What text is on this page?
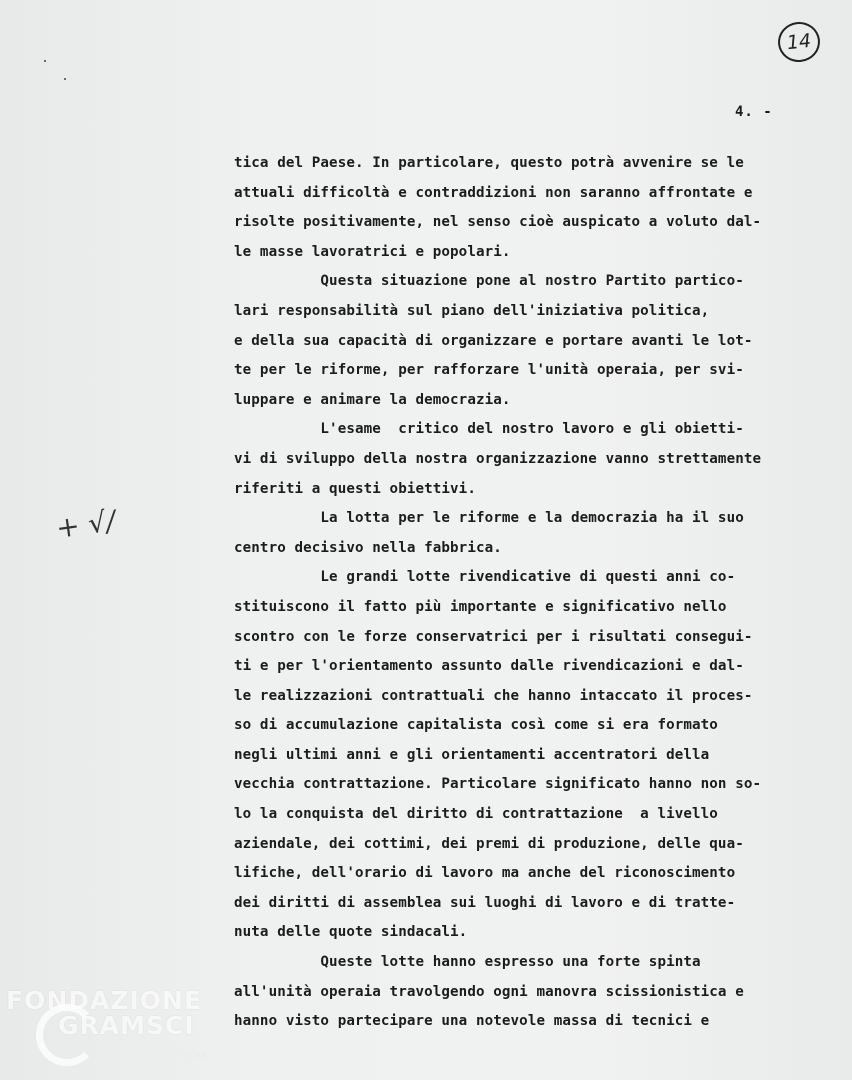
14
4. -
tica del Paese. In particolare, questo potrà avvenire se le
attuali difficoltà e contraddizioni non saranno affrontate e
risolte positivamente, nel senso cioè auspicato a voluto dal-
le masse lavoratrici e popolari.
Questa situazione pone al nostro Partito partico-
lari responsabilità sul piano dell'iniziativa politica,
e della sua capacità di organizzare e portare avanti le lot-
te per le riforme, per rafforzare l'unità operaia, per svi-
luppare e animare la democrazia.
L'esame  critico del nostro lavoro e gli obietti-
vi di sviluppo della nostra organizzazione vanno strettamente
riferiti a questi obiettivi.
La lotta per le riforme e la democrazia ha il suo
centro decisivo nella fabbrica.
Le grandi lotte rivendicative di questi anni co-
stituiscono il fatto più importante e significativo nello
scontro con le forze conservatrici per i risultati consegui-
ti e per l'orientamento assunto dalle rivendicazioni e dal-
le realizzazioni contrattuali che hanno intaccato il proces-
so di accumulazione capitalista così come si era formato
negli ultimi anni e gli orientamenti accentratori della
vecchia contrattazione. Particolare significato hanno non so-
lo la conquista del diritto di contrattazione  a livello
aziendale, dei cottimi, dei premi di produzione, delle qua-
lifiche, dell'orario di lavoro ma anche del riconoscimento
dei diritti di assemblea sui luoghi di lavoro e di tratte-
nuta delle quote sindacali.
Queste lotte hanno espresso una forte spinta
all'unità operaia travolgendo ogni manovra scissionistica e
hanno visto partecipare una notevole massa di tecnici e
+ √/
FONDAZIONE
GRAMSCI
onlus
